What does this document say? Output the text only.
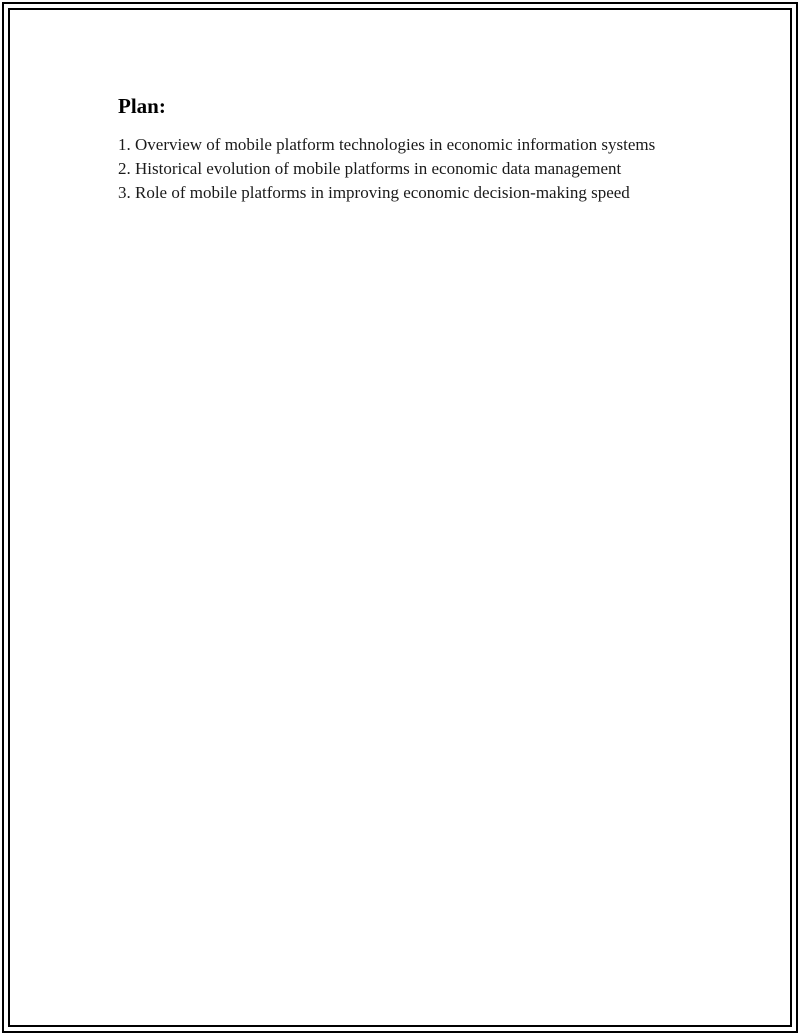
Plan:
1. Overview of mobile platform technologies in economic information systems
2. Historical evolution of mobile platforms in economic data management
3. Role of mobile platforms in improving economic decision-making speed
